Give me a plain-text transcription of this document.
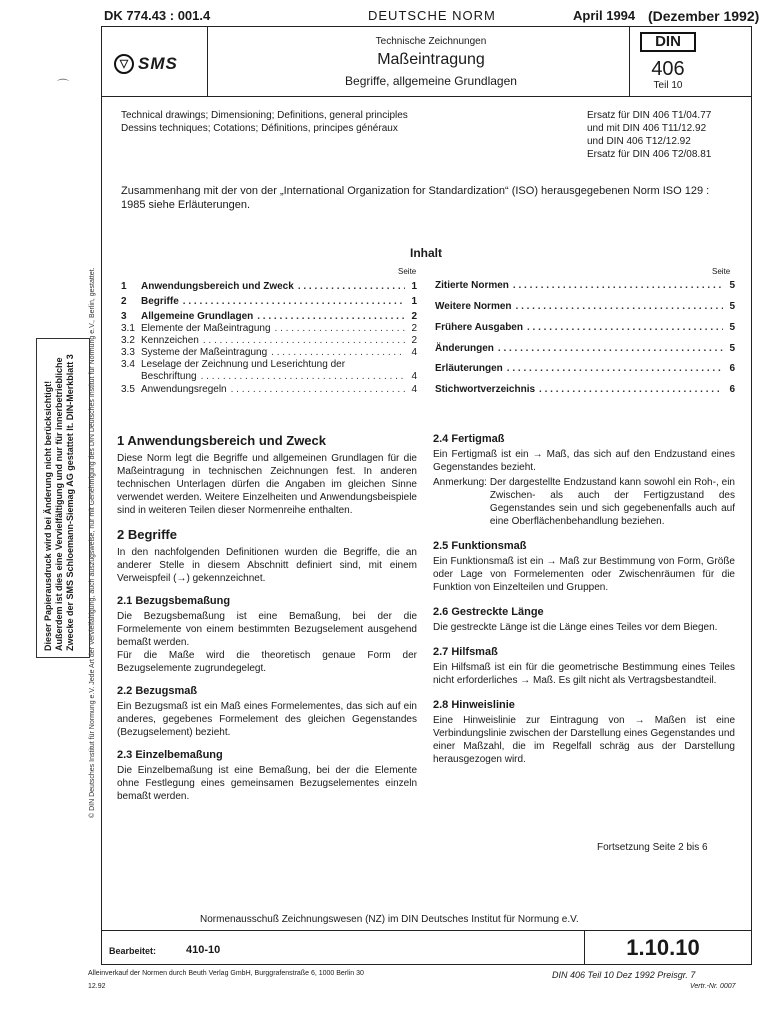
DK 774.43 : 001.4	DEUTSCHE NORM	April 1994 (Dezember 1992)
⌒
▽ SMS
Technische Zeichnungen
Maßeintragung
Begriffe, allgemeine Grundlagen
DIN
406
Teil 10
Technical drawings; Dimensioning; Definitions, general principles
Dessins techniques; Cotations; Définitions, principes généraux
Ersatz für DIN 406 T1/04.77
und mit DIN 406 T11/12.92
und DIN 406 T12/12.92
Ersatz für DIN 406 T2/08.81
Zusammenhang mit der von der „International Organization for Standardization“ (ISO) herausgegebenen Norm ISO 129 : 1985 siehe Erläuterungen.
Inhalt
Seite	Seite
1	Anwendungsbereich und Zweck . . .	1
2	Begriffe . . .	1
3	Allgemeine Grundlagen . . .	2
3.1 Elemente der Maßeintragung . . .	2
3.2 Kennzeichen . . .	2
3.3 Systeme der Maßeintragung . . .	4
3.4 Leselage der Zeichnung und Leserichtung der
Beschriftung . . .	4
3.5 Anwendungsregeln . . .	4
Zitierte Normen . . .	5
Weitere Normen . . .	5
Frühere Ausgaben . . .	5
Änderungen . . .	5
Erläuterungen . . .	6
Stichwortverzeichnis . . .	6
1 Anwendungsbereich und Zweck
Diese Norm legt die Begriffe und allgemeinen Grundlagen für die Maßeintragung in technischen Zeichnungen fest. In anderen technischen Unterlagen dürfen die Angaben im gleichen Sinne verwendet werden. Weitere Einzelheiten und Anwendungsbeispiele sind in weiteren Teilen dieser Normenreihe enthalten.
2 Begriffe
In den nachfolgenden Definitionen wurden die Begriffe, die an anderer Stelle in diesem Abschnitt definiert sind, mit einem Verweispfeil (→) gekennzeichnet.
2.1 Bezugsbemaßung
Die Bezugsbemaßung ist eine Bemaßung, bei der die Formelemente von einem bestimmten Bezugselement ausgehend bemaßt werden.
Für die Maße wird die theoretisch genaue Form der Bezugselemente zugrundegelegt.
2.2 Bezugsmaß
Ein Bezugsmaß ist ein Maß eines Formelementes, das sich auf ein anderes, gegebenes Formelement des gleichen Gegenstandes (Bezugselement) bezieht.
2.3 Einzelbemaßung
Die Einzelbemaßung ist eine Bemaßung, bei der die Elemente ohne Festlegung eines gemeinsamen Bezugselementes einzeln bemaßt werden.
2.4 Fertigmaß
Ein Fertigmaß ist ein → Maß, das sich auf den Endzustand eines Gegenstandes bezieht.
Anmerkung: Der dargestellte Endzustand kann sowohl ein Roh-, ein Zwischen- als auch der Fertigzustand des Gegenstandes sein und sich gegebenenfalls auch auf eine Oberflächenbehandlung beziehen.
2.5 Funktionsmaß
Ein Funktionsmaß ist ein → Maß zur Bestimmung von Form, Größe oder Lage von Formelementen oder Zwischenräumen für die Funktion von Einzelteilen und Gruppen.
2.6 Gestreckte Länge
Die gestreckte Länge ist die Länge eines Teiles vor dem Biegen.
2.7 Hilfsmaß
Ein Hilfsmaß ist ein für die geometrische Bestimmung eines Teiles nicht erforderliches → Maß. Es gilt nicht als Vertragsbestandteil.
2.8 Hinweislinie
Eine Hinweislinie zur Eintragung von → Maßen ist eine Verbindungslinie zwischen der Darstellung eines Gegenstandes und einer Maßzahl, die im Regelfall schräg aus der Darstellung herausgezogen wird.
© DIN Deutsches Institut für Normung e.V. Jede Art der Vervielfältigung, auch auszugsweise, nur mit Genehmigung des DIN Deutsches Institut für Normung e.V., Berlin, gestattet.
Dieser Papierausdruck wird bei Änderung nicht berücksichtigt! Außerdem ist dies eine Vervielfältigung und nur für innerbetriebliche Zwecke der SMS Schloemann-Siemag AG gestattet lt. DIN-Merkblatt 3
Fortsetzung Seite 2 bis 6
Normenausschuß Zeichnungswesen (NZ) im DIN Deutsches Institut für Normung e.V.
Bearbeitet:	410-10	1.10.10
Alleinverkauf der Normen durch Beuth Verlag GmbH, Burggrafenstraße 6, 1000 Berlin 30	DIN 406 Teil 10 Dez 1992 Preisgr. 7
12.92	Vertr.-Nr. 0007
